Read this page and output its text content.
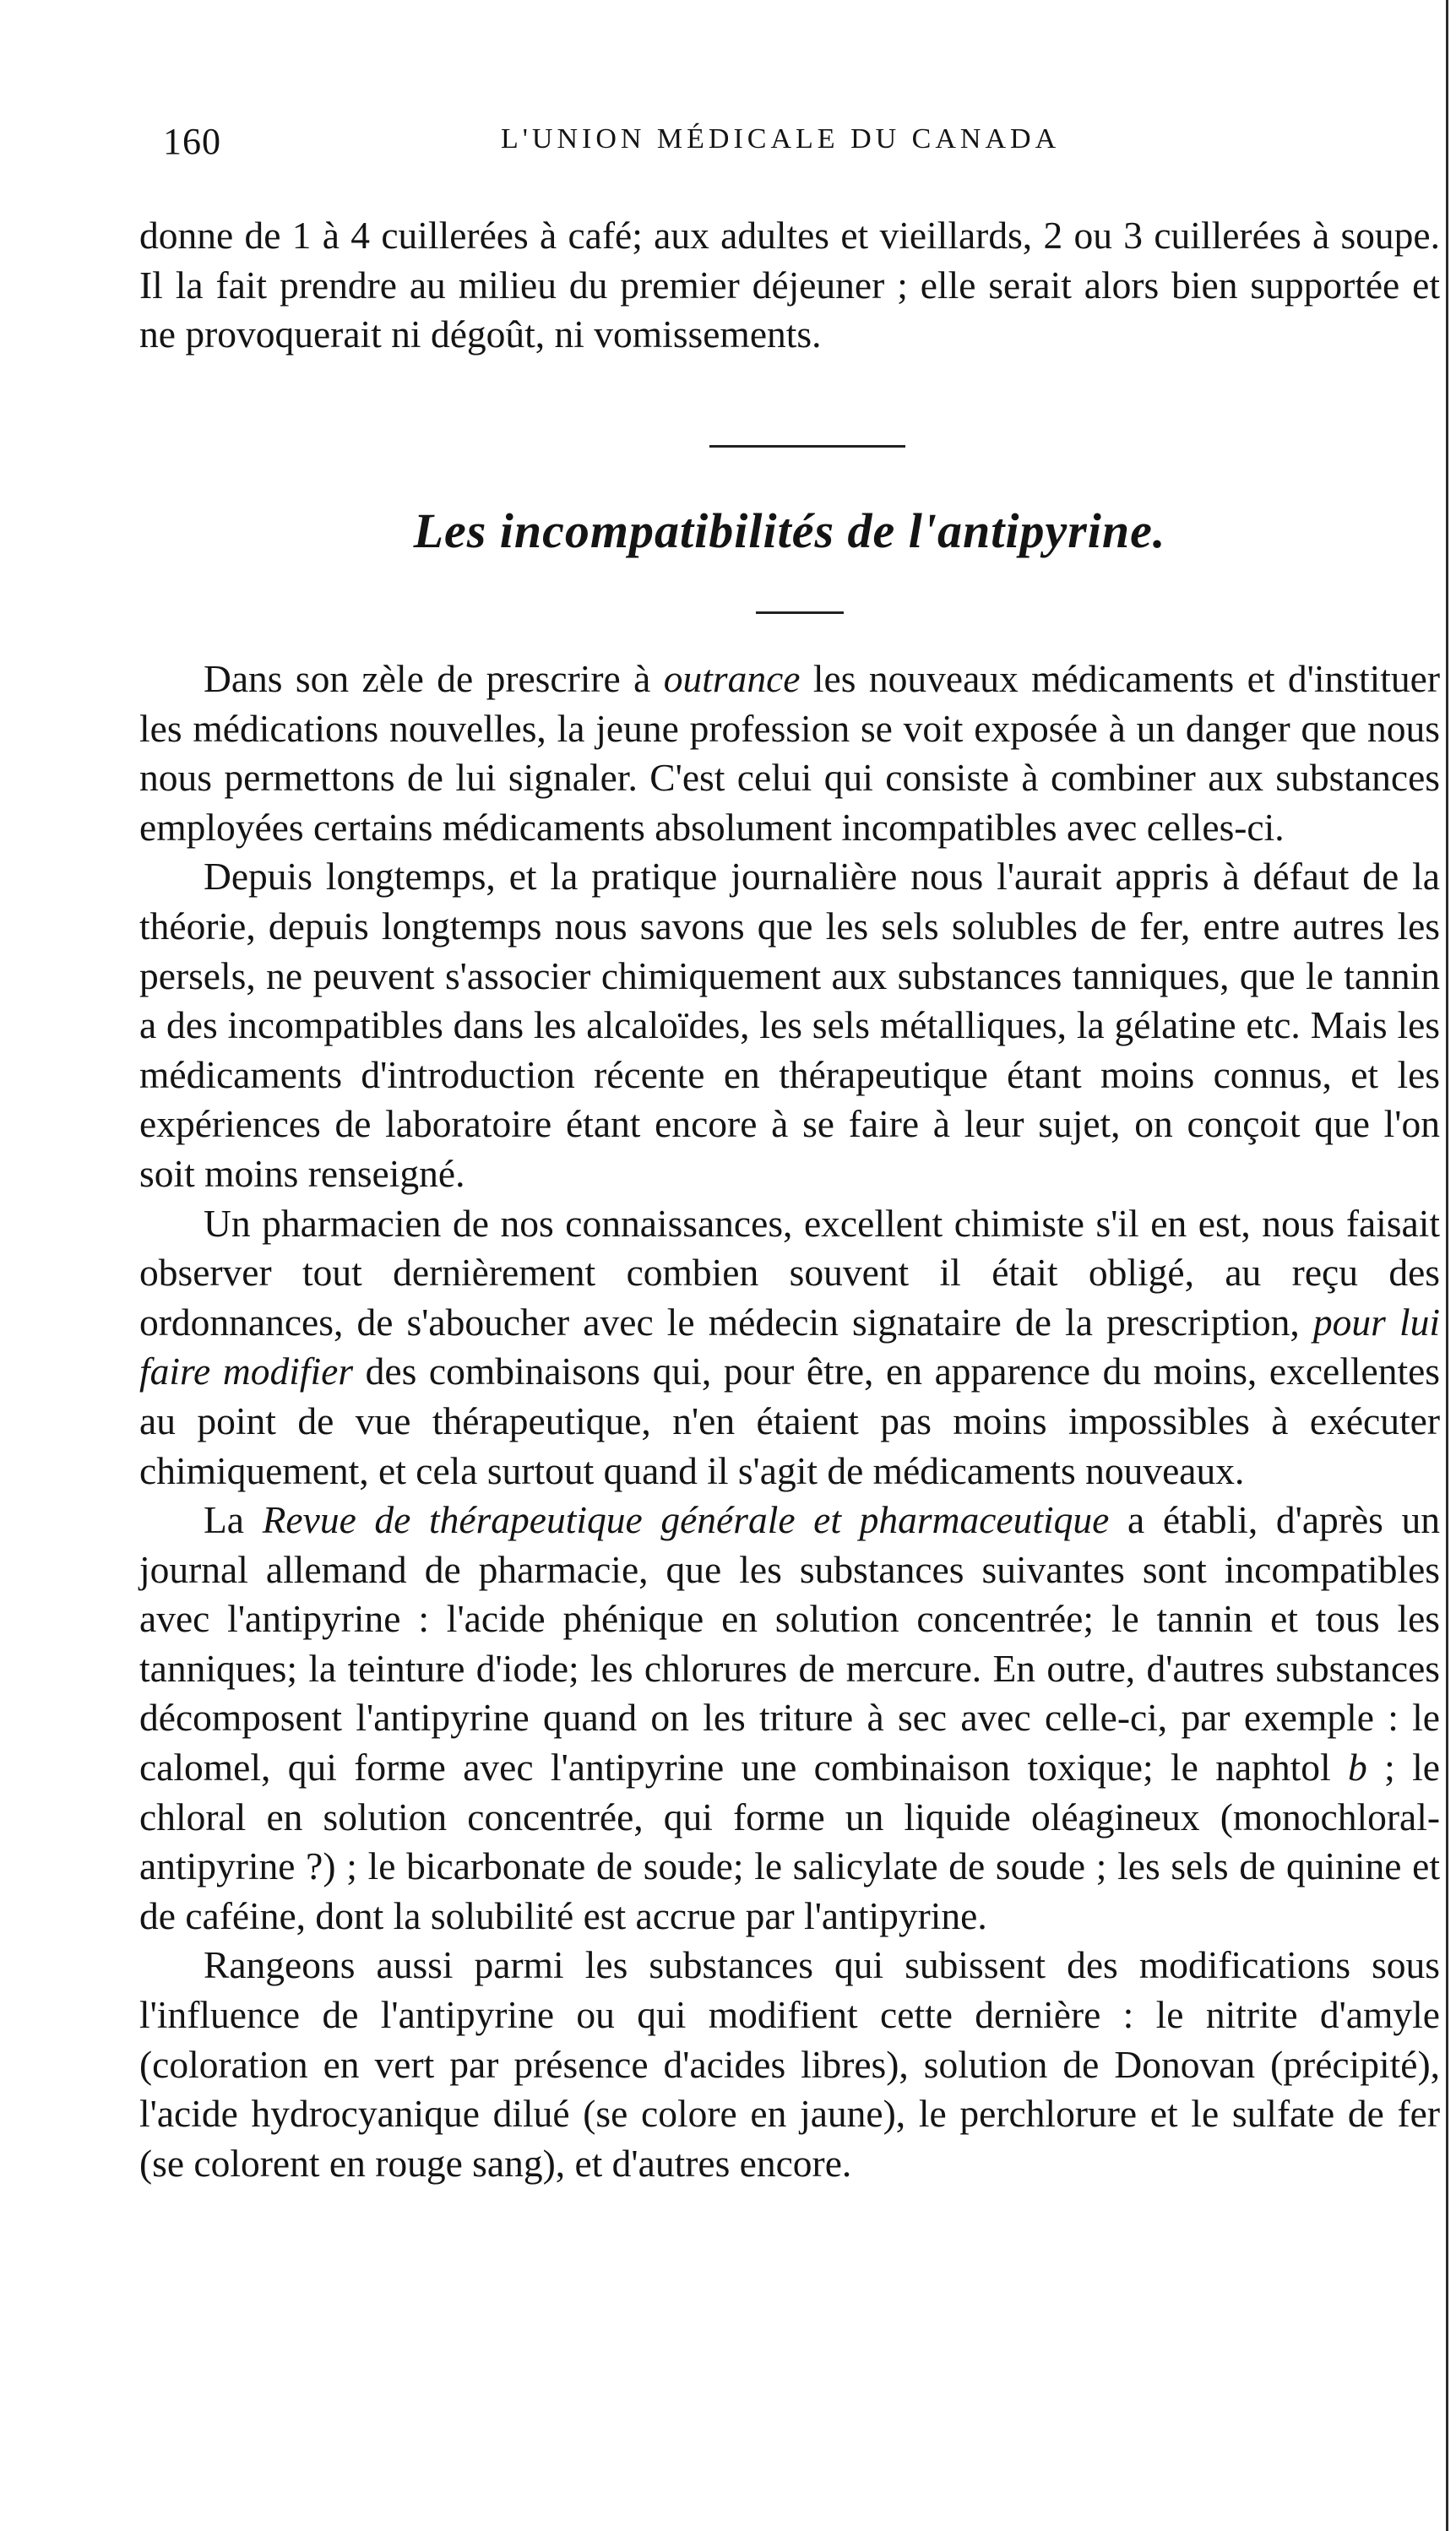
160	L'UNION MÉDICALE DU CANADA

donne de 1 à 4 cuillerées à café; aux adultes et vieillards, 2 ou 3 cuillerées à soupe. Il la fait prendre au milieu du premier déjeuner ; elle serait alors bien supportée et ne provoquerait ni dégoût, ni vomissements.

Les incompatibilités de l'antipyrine.

Dans son zèle de prescrire à outrance les nouveaux médicaments et d'instituer les médications nouvelles, la jeune profession se voit exposée à un danger que nous nous permettons de lui signaler. C'est celui qui consiste à combiner aux substances employées certains médicaments absolument incompatibles avec celles-ci.

Depuis longtemps, et la pratique journalière nous l'aurait appris à défaut de la théorie, depuis longtemps nous savons que les sels solubles de fer, entre autres les persels, ne peuvent s'associer chimiquement aux substances tanniques, que le tannin a des incompatibles dans les alcaloïdes, les sels métalliques, la gélatine etc. Mais les médicaments d'introduction récente en thérapeutique étant moins connus, et les expériences de laboratoire étant encore à se faire à leur sujet, on conçoit que l'on soit moins renseigné.

Un pharmacien de nos connaissances, excellent chimiste s'il en est, nous faisait observer tout dernièrement combien souvent il était obligé, au reçu des ordonnances, de s'aboucher avec le médecin signataire de la prescription, pour lui faire modifier des combinaisons qui, pour être, en apparence du moins, excellentes au point de vue thérapeutique, n'en étaient pas moins impossibles à exécuter chimiquement, et cela surtout quand il s'agit de médicaments nouveaux.

La Revue de thérapeutique générale et pharmaceutique a établi, d'après un journal allemand de pharmacie, que les substances suivantes sont incompatibles avec l'antipyrine : l'acide phénique en solution concentrée; le tannin et tous les tanniques; la teinture d'iode; les chlorures de mercure. En outre, d'autres substances décomposent l'antipyrine quand on les triture à sec avec celle-ci, par exemple : le calomel, qui forme avec l'antipyrine une combinaison toxique; le naphtol b ; le chloral en solution concentrée, qui forme un liquide oléagineux (monochloral-antipyrine ?) ; le bicarbonate de soude; le salicylate de soude ; les sels de quinine et de caféine, dont la solubilité est accrue par l'antipyrine.

Rangeons aussi parmi les substances qui subissent des modifications sous l'influence de l'antipyrine ou qui modifient cette dernière : le nitrite d'amyle (coloration en vert par présence d'acides libres), solution de Donovan (précipité), l'acide hydrocyanique dilué (se colore en jaune), le perchlorure et le sulfate de fer (se colorent en rouge sang), et d'autres encore.
